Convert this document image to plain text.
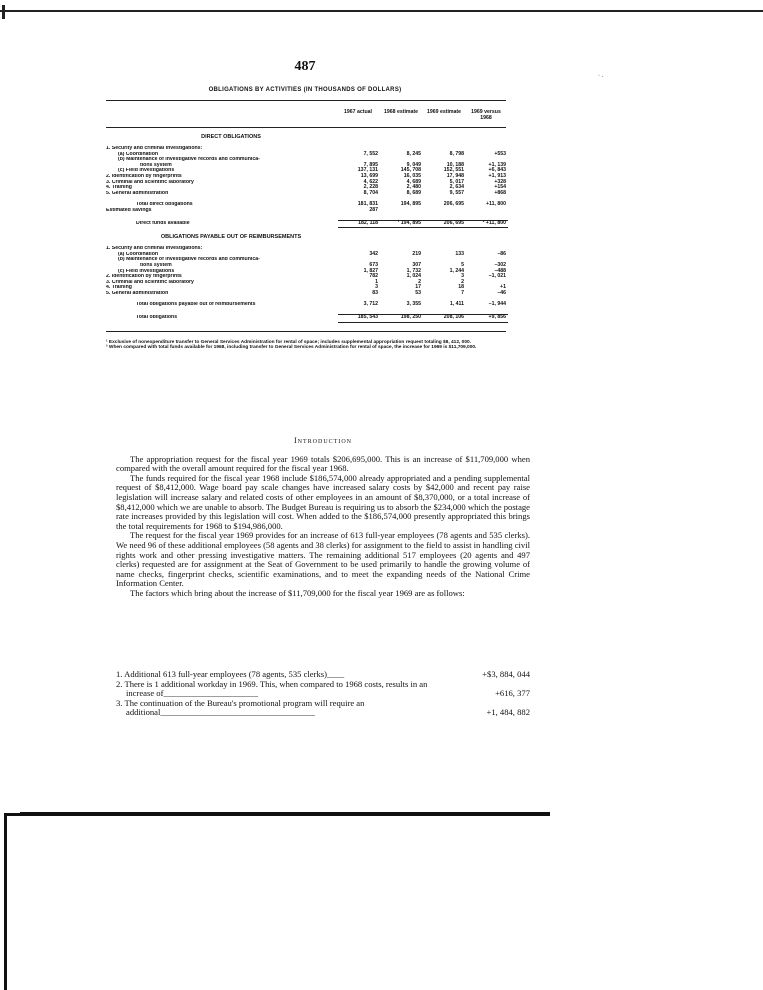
· .
487
OBLIGATIONS BY ACTIVITIES (IN THOUSANDS OF DOLLARS)
1967 actual	1968 estimate	1969 estimate	1969 versus 1968
DIRECT OBLIGATIONS
1. Security and criminal investigations:
(a) Coordination	7, 552	8, 245	8, 798	+553
(b) Maintenance of investigative records and communica-
tions system	7, 895	9, 049	10, 188	+1, 139
(c) Field investigations	137, 131	145, 708	152, 551	+6, 843
2. Identification by fingerprints	13, 699	16, 035	17, 948	+1, 913
3. Criminal and scientific laboratory	4, 622	4, 689	5, 017	+328
4. Training	2, 228	2, 480	2, 634	+154
5. General administration	8, 704	8, 689	9, 557	+868
Total direct obligations	181, 831	194, 895	206, 695	+11, 800
Estimated savings	287
Direct funds available	182, 118	¹ 194, 895	206, 695	² +11, 800
OBLIGATIONS PAYABLE OUT OF REIMBURSEMENTS
1. Security and criminal investigations:
(a) Coordination	342	219	133	−86
(b) Maintenance of investigative records and communica-
tions system	673	307	5	−302
(c) Field investigations	1, 827	1, 732	1, 244	−488
2. Identification by fingerprints	782	1, 024	3	−1, 021
3. Criminal and scientific laboratory	1	2	2
4. Training	3	17	18	+1
5. General administration	83	53	7	−46
Total obligations payable out of reimbursements	3, 712	3, 355	1, 411	−1, 944
Total obligations	185, 543	198, 250	208, 106	+9, 856
¹ Exclusive of nonexpenditure transfer to General Services Administration for rental of space; includes supplemental appropriation request totaling $8, 412, 000.
² When compared with total funds available for 1968, including transfer to General Services Administration for rental of space, the increase for 1969 is $11,709,000.
Introduction

The appropriation request for the fiscal year 1969 totals $206,695,000. This is an increase of $11,709,000 when compared with the overall amount required for the fiscal year 1968.

The funds required for the fiscal year 1968 include $186,574,000 already appropriated and a pending supplemental request of $8,412,000. Wage board pay scale changes have increased salary costs by $42,000 and recent pay raise legislation will increase salary and related costs of other employees in an amount of $8,370,000, or a total increase of $8,412,000 which we are unable to absorb. The Budget Bureau is requiring us to absorb the $234,000 which the postage rate increases provided by this legislation will cost. When added to the $186,574,000 presently appropriated this brings the total requirements for 1968 to $194,986,000.

The request for the fiscal year 1969 provides for an increase of 613 full-year employees (78 agents and 535 clerks). We need 96 of these additional employees (58 agents and 38 clerks) for assignment to the field to assist in handling civil rights work and other pressing investigative matters. The remaining additional 517 employees (20 agents and 497 clerks) requested are for assignment at the Seat of Government to be used primarily to handle the growing volume of name checks, fingerprint checks, scientific examinations, and to meet the expanding needs of the National Crime Information Center.

The factors which bring about the increase of $11,709,000 for the fiscal year 1969 are as follows:

1. Additional 613 full-year employees (78 agents, 535 clerks)____	+$3, 884, 044
2. There is 1 additional workday in 1969. This, when compared to 1968 costs, results in an increase of______________________	+616, 377
3. The continuation of the Bureau's promotional program will require an additional____________________________________	+1, 484, 882
